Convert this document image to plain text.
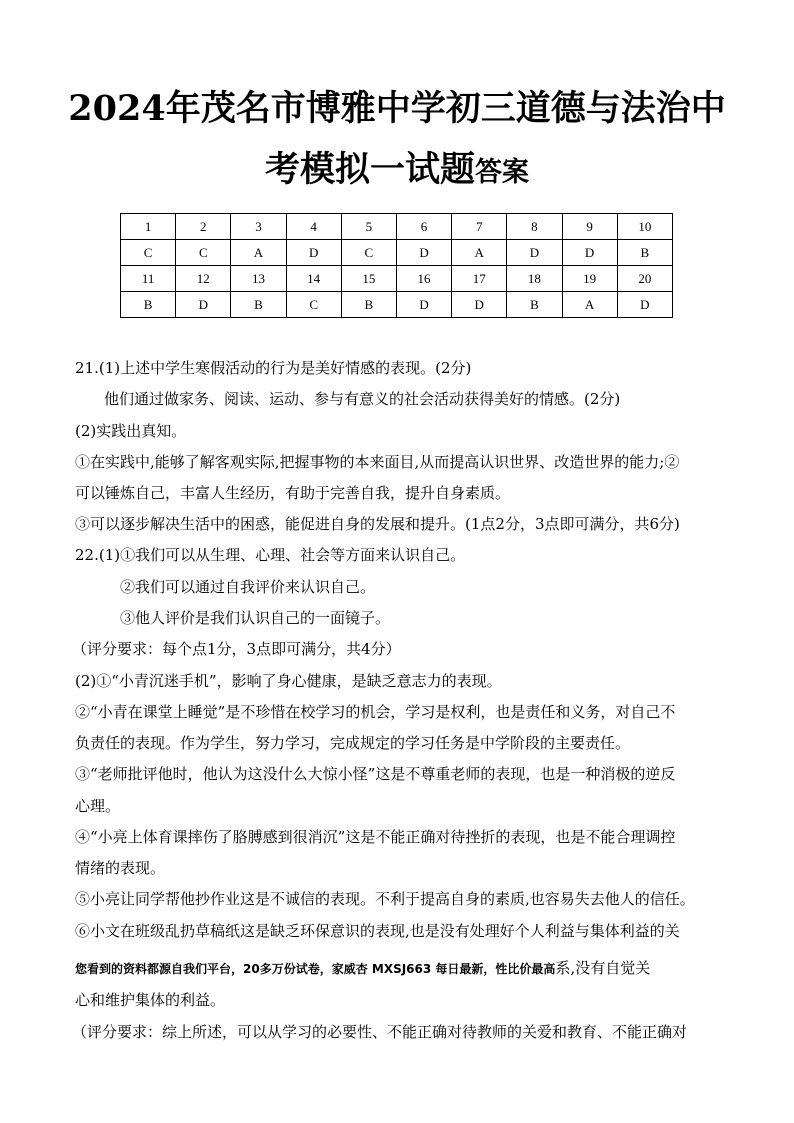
2024年茂名市博雅中学初三道德与法治中
考模拟一试题答案
1	2	3	4	5	6	7	8	9	10
C	C	A	D	C	D	A	D	D	B
11	12	13	14	15	16	17	18	19	20
B	D	B	C	B	D	D	B	A	D
21.(1)上述中学生寒假活动的行为是美好情感的表现。(2分)
他们通过做家务、阅读、运动、参与有意义的社会活动获得美好的情感。(2分)
(2)实践出真知。
①在实践中,能够了解客观实际,把握事物的本来面目,从而提高认识世界、改造世界的能力;②
可以锤炼自己，丰富人生经历，有助于完善自我，提升自身素质。
③可以逐步解决生活中的困惑，能促进自身的发展和提升。(1点2分，3点即可满分，共6分)
22.(1)①我们可以从生理、心理、社会等方面来认识自己。
②我们可以通过自我评价来认识自己。
③他人评价是我们认识自己的一面镜子。
（评分要求：每个点1分，3点即可满分，共4分）
(2)①“小青沉迷手机”，影响了身心健康，是缺乏意志力的表现。
②“小青在课堂上睡觉”是不珍惜在校学习的机会，学习是权利，也是责任和义务，对自己不
负责任的表现。作为学生，努力学习，完成规定的学习任务是中学阶段的主要责任。
③“老师批评他时，他认为这没什么大惊小怪”这是不尊重老师的表现，也是一种消极的逆反
心理。
④“小亮上体育课摔伤了胳膊感到很消沉”这是不能正确对待挫折的表现，也是不能合理调控
情绪的表现。
⑤小亮让同学帮他抄作业这是不诚信的表现。不利于提高自身的素质,也容易失去他人的信任。
⑥小文在班级乱扔草稿纸这是缺乏环保意识的表现,也是没有处理好个人利益与集体利益的关
您看到的资料都源自我们平台，20多万份试卷，家威杏 MXSJ663 每日最新，性比价最高系,没有自觉关
心和维护集体的利益。
（评分要求：综上所述，可以从学习的必要性、不能正确对待教师的关爱和教育、不能正确对
